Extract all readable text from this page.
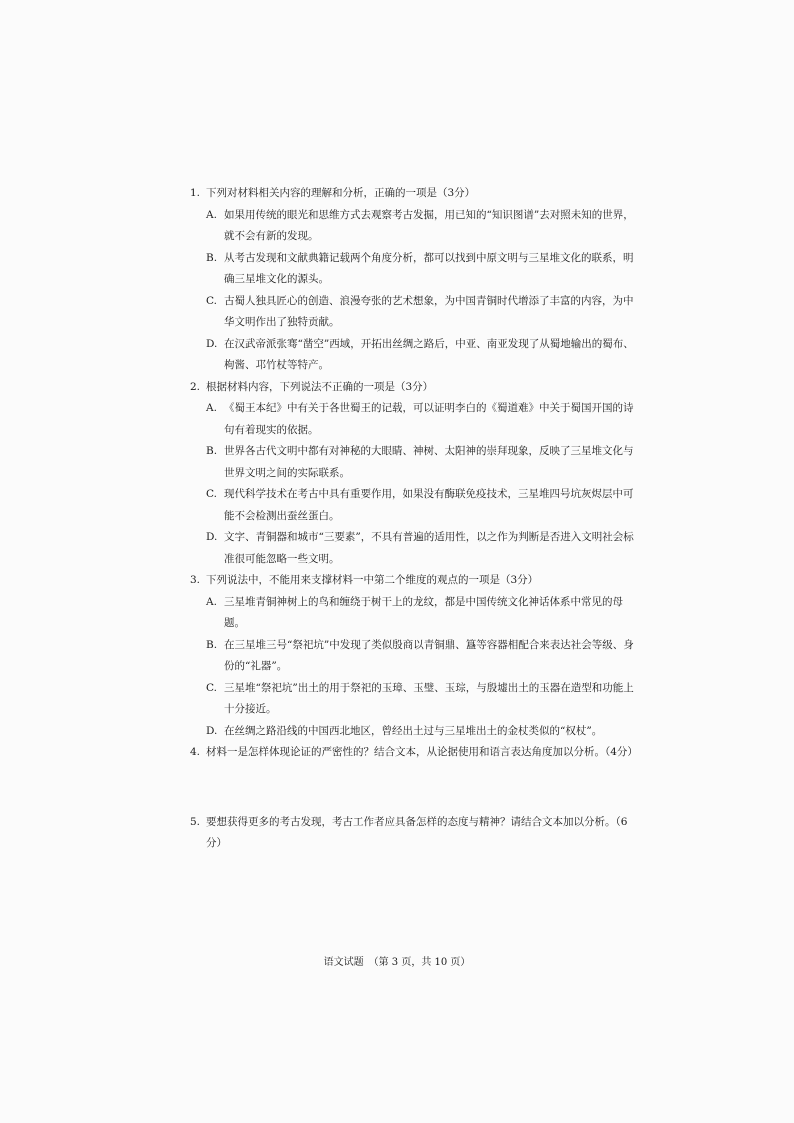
1. 下列对材料相关内容的理解和分析，正确的一项是（3分）
A. 如果用传统的眼光和思维方式去观察考古发掘，用已知的“知识图谱”去对照未知的世界，就不会有新的发现。
B. 从考古发现和文献典籍记载两个角度分析，都可以找到中原文明与三星堆文化的联系，明确三星堆文化的源头。
C. 古蜀人独具匠心的创造、浪漫夸张的艺术想象，为中国青铜时代增添了丰富的内容，为中华文明作出了独特贡献。
D. 在汉武帝派张骞“凿空”西域，开拓出丝绸之路后，中亚、南亚发现了从蜀地输出的蜀布、枸酱、邛竹杖等特产。
2. 根据材料内容，下列说法不正确的一项是（3分）
A. 《蜀王本纪》中有关于各世蜀王的记载，可以证明李白的《蜀道难》中关于蜀国开国的诗句有着现实的依据。
B. 世界各古代文明中都有对神秘的大眼睛、神树、太阳神的崇拜现象，反映了三星堆文化与世界文明之间的实际联系。
C. 现代科学技术在考古中具有重要作用，如果没有酶联免疫技术，三星堆四号坑灰烬层中可能不会检测出蚕丝蛋白。
D. 文字、青铜器和城市“三要素”，不具有普遍的适用性，以之作为判断是否进入文明社会标准很可能忽略一些文明。
3. 下列说法中，不能用来支撑材料一中第二个维度的观点的一项是（3分）
A. 三星堆青铜神树上的鸟和缠绕于树干上的龙纹，都是中国传统文化神话体系中常见的母题。
B. 在三星堆三号“祭祀坑”中发现了类似殷商以青铜鼎、簋等容器相配合来表达社会等级、身份的“礼器”。
C. 三星堆“祭祀坑”出土的用于祭祀的玉璋、玉璧、玉琮，与殷墟出土的玉器在造型和功能上十分接近。
D. 在丝绸之路沿线的中国西北地区，曾经出土过与三星堆出土的金杖类似的“权杖”。
4. 材料一是怎样体现论证的严密性的？结合文本，从论据使用和语言表达角度加以分析。（4分）
5. 要想获得更多的考古发现，考古工作者应具备怎样的态度与精神？请结合文本加以分析。（6分）
语文试题　（第 3 页，共 10 页）
